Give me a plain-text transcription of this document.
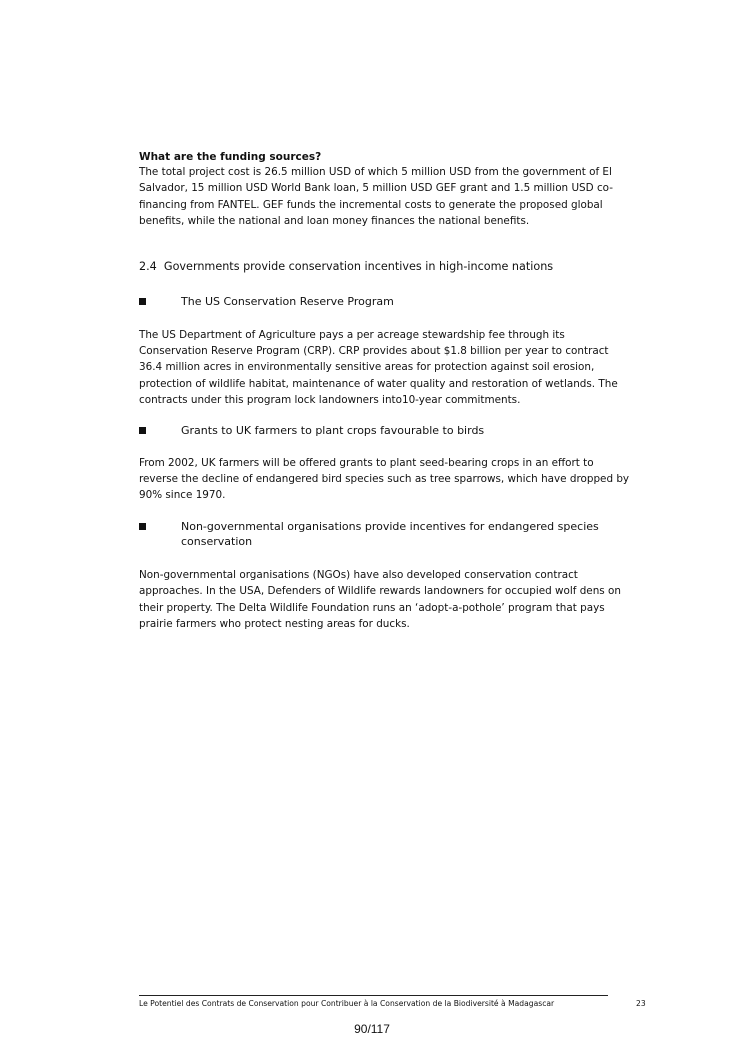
What are the funding sources?

The total project cost is 26.5 million USD of which 5 million USD from the government of El Salvador, 15 million USD World Bank loan, 5 million USD GEF grant and 1.5 million USD co-financing from FANTEL. GEF funds the incremental costs to generate the proposed global benefits, while the national and loan money finances the national benefits.

2.4 Governments provide conservation incentives in high-income nations

The US Conservation Reserve Program

The US Department of Agriculture pays a per acreage stewardship fee through its Conservation Reserve Program (CRP). CRP provides about $1.8 billion per year to contract 36.4 million acres in environmentally sensitive areas for protection against soil erosion, protection of wildlife habitat, maintenance of water quality and restoration of wetlands. The contracts under this program lock landowners into10-year commitments.

Grants to UK farmers to plant crops favourable to birds

From 2002, UK farmers will be offered grants to plant seed-bearing crops in an effort to reverse the decline of endangered bird species such as tree sparrows, which have dropped by 90% since 1970.

Non-governmental organisations provide incentives for endangered species conservation

Non-governmental organisations (NGOs) have also developed conservation contract approaches. In the USA, Defenders of Wildlife rewards landowners for occupied wolf dens on their property. The Delta Wildlife Foundation runs an ‘adopt-a-pothole’ program that pays prairie farmers who protect nesting areas for ducks.

Le Potentiel des Contrats de Conservation pour Contribuer à la Conservation de la Biodiversité à Madagascar	23
90/117
